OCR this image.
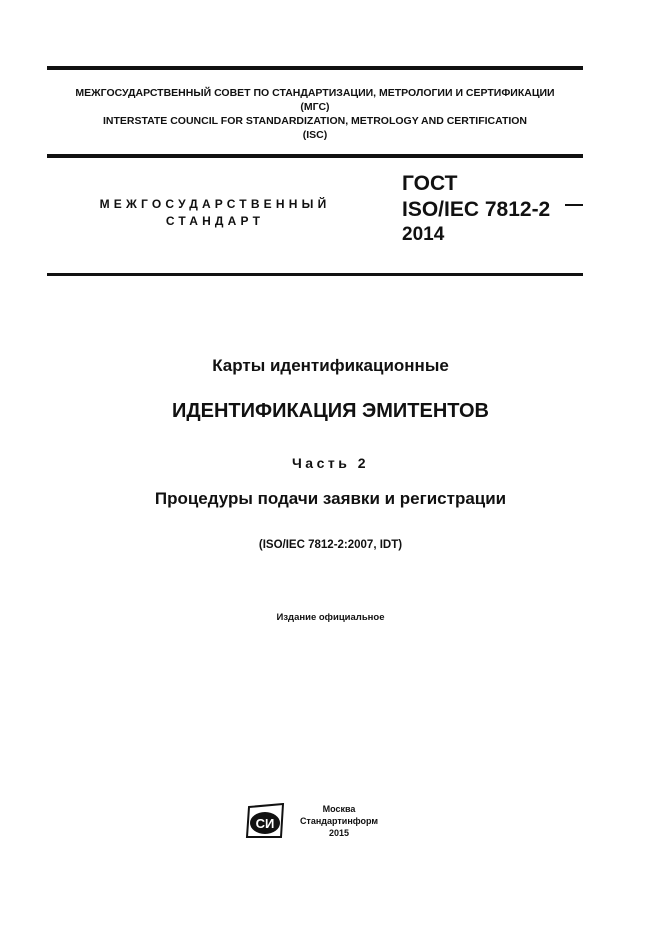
МЕЖГОСУДАРСТВЕННЫЙ СОВЕТ ПО СТАНДАРТИЗАЦИИ, МЕТРОЛОГИИ И СЕРТИФИКАЦИИ
(МГС)
INTERSTATE COUNCIL FOR STANDARDIZATION, METROLOGY AND CERTIFICATION
(ISC)
МЕЖГОСУДАРСТВЕННЫЙ
СТАНДАРТ
ГОСТ
ISO/IEC 7812-2
2014
Карты идентификационные
ИДЕНТИФИКАЦИЯ ЭМИТЕНТОВ
Часть 2
Процедуры подачи заявки и регистрации
(ISO/IEC 7812-2:2007, IDT)
Издание официальное
СИ
Москва
Стандартинформ
2015
